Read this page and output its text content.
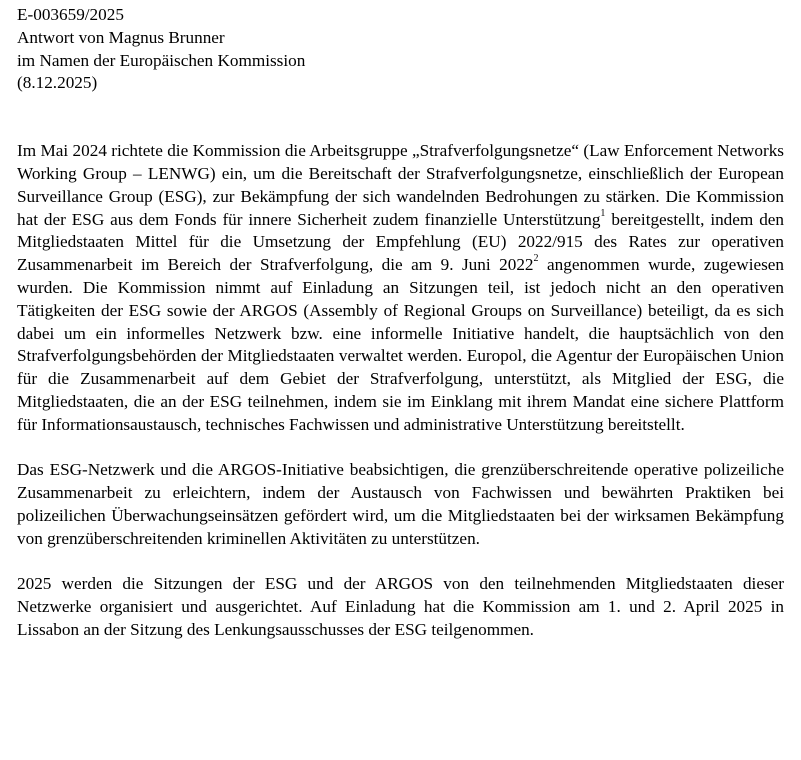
E-003659/2025
Antwort von Magnus Brunner
im Namen der Europäischen Kommission
(8.12.2025)

Im Mai 2024 richtete die Kommission die Arbeitsgruppe „Strafverfolgungsnetze“ (Law Enforcement Networks Working Group – LENWG) ein, um die Bereitschaft der Strafverfolgungsnetze, einschließlich der European Surveillance Group (ESG), zur Bekämpfung der sich wandelnden Bedrohungen zu stärken. Die Kommission hat der ESG aus dem Fonds für innere Sicherheit zudem finanzielle Unterstützung$^1$ bereitgestellt, indem den Mitgliedstaaten Mittel für die Umsetzung der Empfehlung (EU) 2022/915 des Rates zur operativen Zusammenarbeit im Bereich der Strafverfolgung, die am 9. Juni 2022$^2$ angenommen wurde, zugewiesen wurden. Die Kommission nimmt auf Einladung an Sitzungen teil, ist jedoch nicht an den operativen Tätigkeiten der ESG sowie der ARGOS (Assembly of Regional Groups on Surveillance) beteiligt, da es sich dabei um ein informelles Netzwerk bzw. eine informelle Initiative handelt, die hauptsächlich von den Strafverfolgungsbehörden der Mitgliedstaaten verwaltet werden. Europol, die Agentur der Europäischen Union für die Zusammenarbeit auf dem Gebiet der Strafverfolgung, unterstützt, als Mitglied der ESG, die Mitgliedstaaten, die an der ESG teilnehmen, indem sie im Einklang mit ihrem Mandat eine sichere Plattform für Informationsaustausch, technisches Fachwissen und administrative Unterstützung bereitstellt.

Das ESG-Netzwerk und die ARGOS-Initiative beabsichtigen, die grenzüberschreitende operative polizeiliche Zusammenarbeit zu erleichtern, indem der Austausch von Fachwissen und bewährten Praktiken bei polizeilichen Überwachungseinsätzen gefördert wird, um die Mitgliedstaaten bei der wirksamen Bekämpfung von grenzüberschreitenden kriminellen Aktivitäten zu unterstützen.

2025 werden die Sitzungen der ESG und der ARGOS von den teilnehmenden Mitgliedstaaten dieser Netzwerke organisiert und ausgerichtet. Auf Einladung hat die Kommission am 1. und 2. April 2025 in Lissabon an der Sitzung des Lenkungsausschusses der ESG teilgenommen.
